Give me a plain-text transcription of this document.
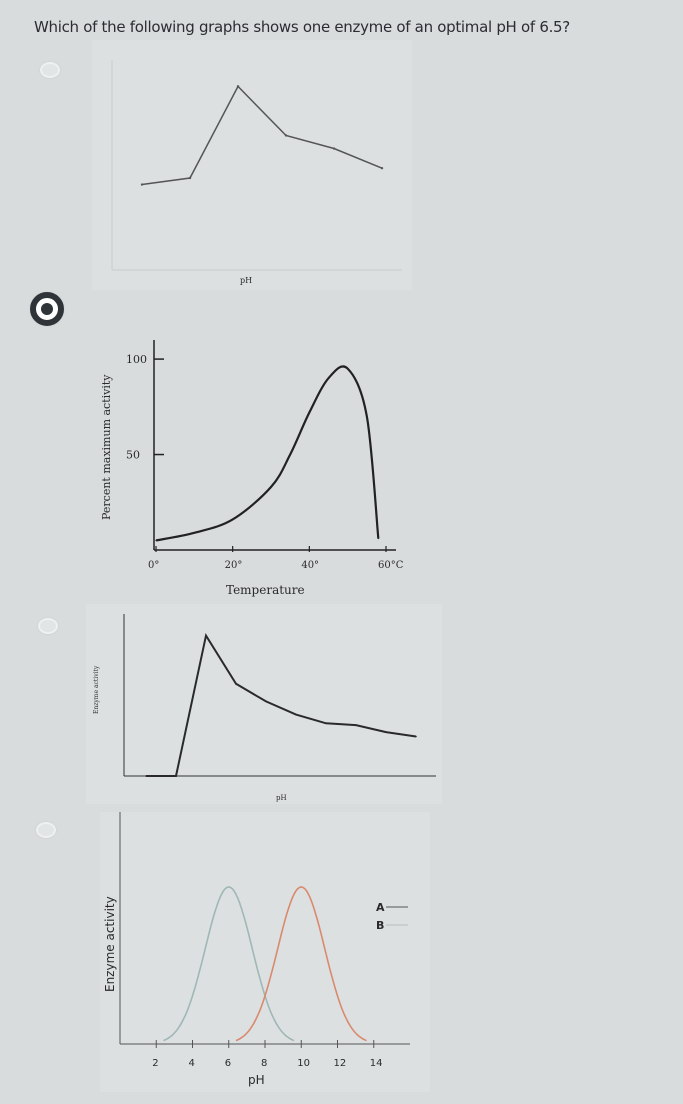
Which of the following graphs shows one enzyme of an optimal pH of 6.5?
pH
50
100
0°	20°	40°	60°C
Percent maximum activity
Temperature
Enzyme activity
pH
2	4	6	8	10 12 14
A
B
Enzyme activity
pH
